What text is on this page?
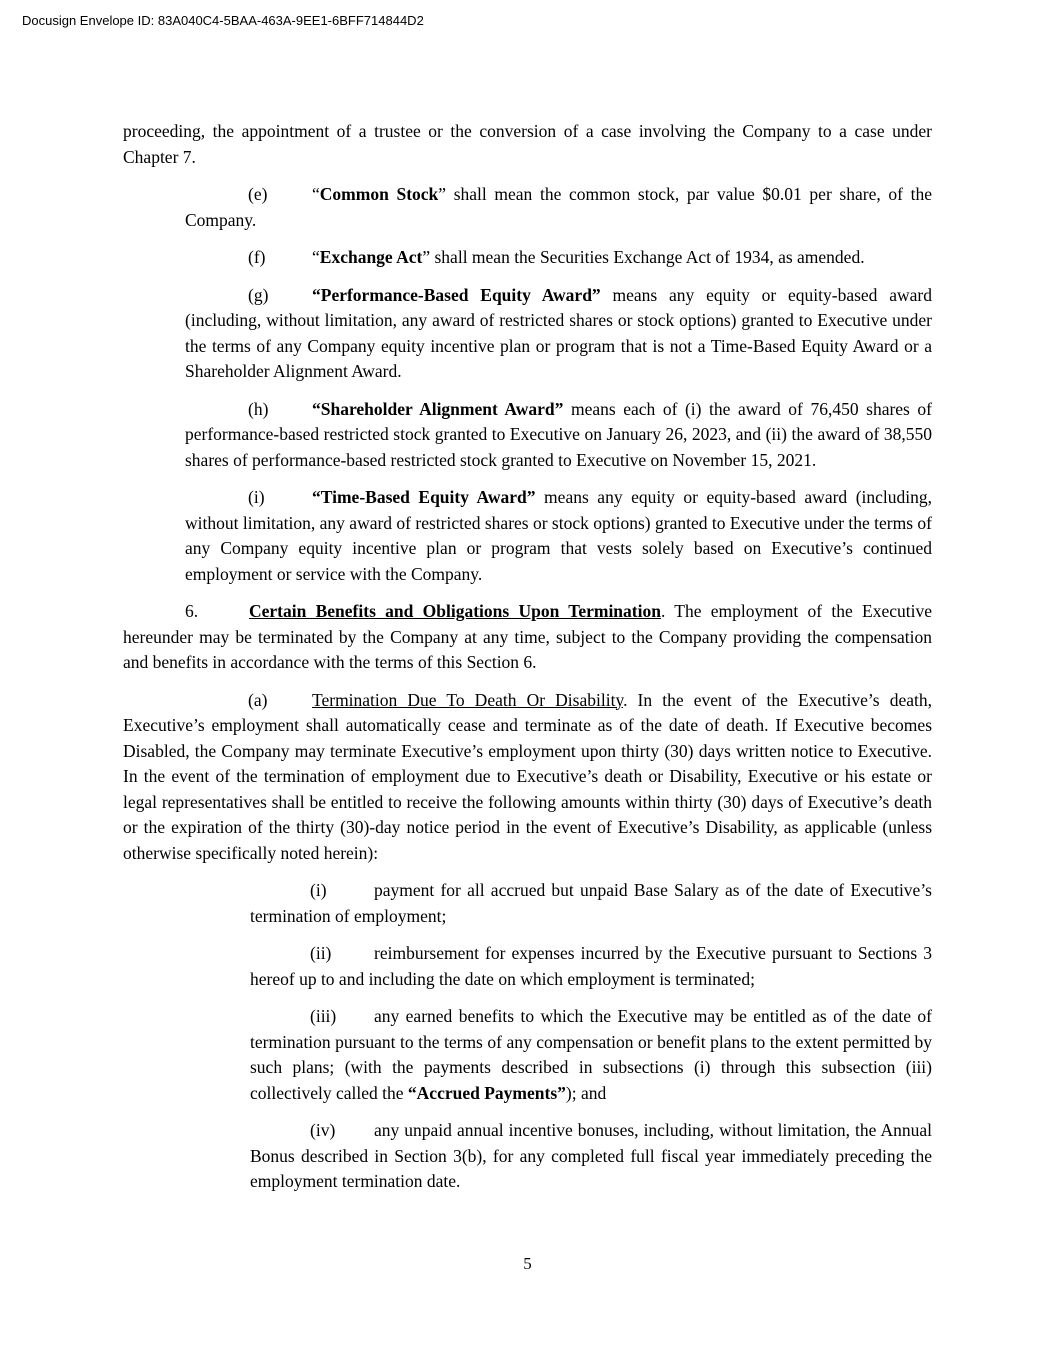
Docusign Envelope ID: 83A040C4-5BAA-463A-9EE1-6BFF714844D2

proceeding, the appointment of a trustee or the conversion of a case involving the Company to a case under Chapter 7.

(e)	“Common Stock” shall mean the common stock, par value $0.01 per share, of the Company.

(f)	“Exchange Act” shall mean the Securities Exchange Act of 1934, as amended.

(g) “Performance-Based Equity Award” means any equity or equity-based award (including, without limitation, any award of restricted shares or stock options) granted to Executive under the terms of any Company equity incentive plan or program that is not a Time-Based Equity Award or a Shareholder Alignment Award.

(h) “Shareholder Alignment Award” means each of (i) the award of 76,450 shares of performance-based restricted stock granted to Executive on January 26, 2023, and (ii) the award of 38,550 shares of performance-based restricted stock granted to Executive on November 15, 2021.

(i)	“Time-Based Equity Award” means any equity or equity-based award (including, without limitation, any award of restricted shares or stock options) granted to Executive under the terms of any Company equity incentive plan or program that vests solely based on Executive’s continued employment or service with the Company.

6.	Certain Benefits and Obligations Upon Termination. The employment of the Executive hereunder may be terminated by the Company at any time, subject to the Company providing the compensation and benefits in accordance with the terms of this Section 6.

(a)	Termination Due To Death Or Disability. In the event of the Executive’s death, Executive’s employment shall automatically cease and terminate as of the date of death. If Executive becomes Disabled, the Company may terminate Executive’s employment upon thirty (30) days written notice to Executive. In the event of the termination of employment due to Executive’s death or Disability, Executive or his estate or legal representatives shall be entitled to receive the following amounts within thirty (30) days of Executive’s death or the expiration of the thirty (30)-day notice period in the event of Executive’s Disability, as applicable (unless otherwise specifically noted herein):

(i)	payment for all accrued but unpaid Base Salary as of the date of Executive’s termination of employment;

(ii) reimbursement for expenses incurred by the Executive pursuant to Sections 3 hereof up to and including the date on which employment is terminated;

(iii) any earned benefits to which the Executive may be entitled as of the date of termination pursuant to the terms of any compensation or benefit plans to the extent permitted by such plans; (with the payments described in subsections (i) through this subsection (iii) collectively called the “Accrued Payments”); and

(iv) any unpaid annual incentive bonuses, including, without limitation, the Annual Bonus described in Section 3(b), for any completed full fiscal year immediately preceding the employment termination date.

5
